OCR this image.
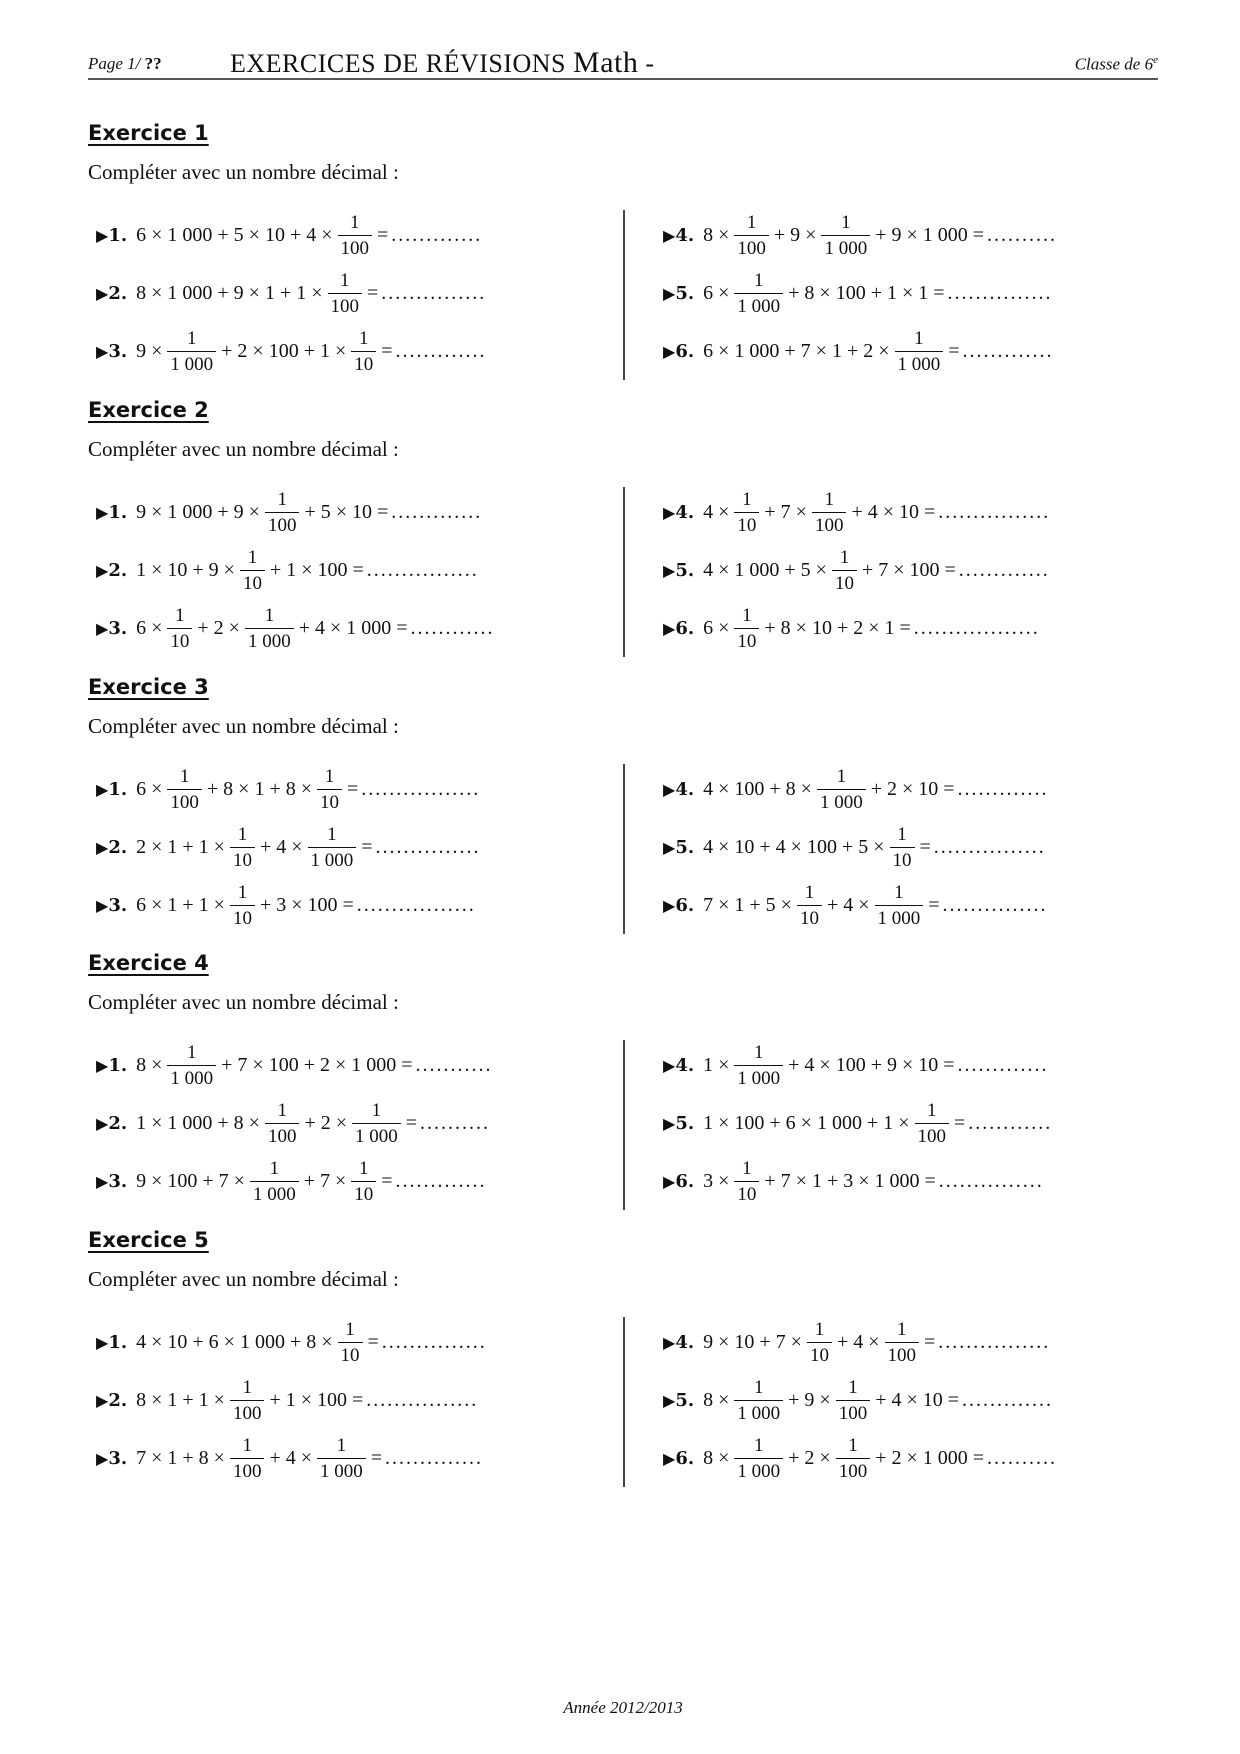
Page 1/ ??	EXERCICES DE RÉVISIONS Math -	Classe de 6e
Exercice 1
Compléter avec un nombre décimal :
▶1. 6 × 1 $000 + 5 \times 10 + 4 \times \frac{1}{100}$ = .............
▶2. 8 × 1 $000 + 9 \times 1 + 1 \times \frac{1}{100}$ = ...............
▶3. $9 \times \frac{1}{1 000} + 2 \times 100 + 1 \times \frac{1}{10}$ = .............
▶4. $8 \times \frac{1}{100} + 9 \times \frac{1}{1 000} + 9 \times 1$ 000 = ..........
▶5. $6 \times \frac{1}{1 000} + 8 \times 100 + 1 \times 1$ = ...............
▶6. 6 × 1 $000 + 7 \times 1 + 2 \times \frac{1}{1 000}$ = .............
Exercice 2
Compléter avec un nombre décimal :
▶1. 9 × 1 $000 + 9 \times \frac{1}{100} + 5 \times 10$ = .............
▶2. $1 \times 10 + 9 \times \frac{1}{10} + 1 \times 100$ = ................
▶3. $6 \times \frac{1}{10} + 2 \times \frac{1}{1 000} + 4 \times 1$ 000 = ............
▶4. $4 \times \frac{1}{10} + 7 \times \frac{1}{100} + 4 \times 10$ = ................
▶5. 4 × 1 $000 + 5 \times \frac{1}{10} + 7 \times 100$ = .............
▶6. $6 \times \frac{1}{10} + 8 \times 10 + 2 \times 1$ = ..................
Exercice 3
Compléter avec un nombre décimal :
▶1. $6 \times \frac{1}{100} + 8 \times 1 + 8 \times \frac{1}{10}$ = .................
▶2. $2 \times 1 + 1 \times \frac{1}{10} + 4 \times \frac{1}{1 000}$ = ...............
▶3. $6 \times 1 + 1 \times \frac{1}{10} + 3 \times 100$ = .................
▶4. $4 \times 100 + 8 \times \frac{1}{1 000} + 2 \times 10$ = .............
▶5. $4 \times 10 + 4 \times 100 + 5 \times \frac{1}{10}$ = ................
▶6. $7 \times 1 + 5 \times \frac{1}{10} + 4 \times \frac{1}{1 000}$ = ...............
Exercice 4
Compléter avec un nombre décimal :
▶1. $8 \times \frac{1}{1 000} + 7 \times 100 + 2 \times 1$ 000 = ...........
▶2. 1 × 1 $000 + 8 \times \frac{1}{100} + 2 \times \frac{1}{1 000}$ = ..........
▶3. $9 \times 100 + 7 \times \frac{1}{1 000} + 7 \times \frac{1}{10}$ = .............
▶4. $1 \times \frac{1}{1 000} + 4 \times 100 + 9 \times 10$ = .............
▶5. 1 × 100 + 6 × 1 $000 + 1 \times \frac{1}{100}$ = ............
▶6. $3 \times \frac{1}{10} + 7 \times 1 + 3 \times 1$ 000 = ...............
Exercice 5
Compléter avec un nombre décimal :
▶1. 4 × 10 + 6 × 1 $000 + 8 \times \frac{1}{10}$ = ...............
▶2. $8 \times 1 + 1 \times \frac{1}{100} + 1 \times 100$ = ................
▶3. $7 \times 1 + 8 \times \frac{1}{100} + 4 \times \frac{1}{1 000}$ = ..............
▶4. $9 \times 10 + 7 \times \frac{1}{10} + 4 \times \frac{1}{100}$ = ................
▶5. $8 \times \frac{1}{1 000} + 9 \times \frac{1}{100} + 4 \times 10$ = .............
▶6. $8 \times \frac{1}{1 000} + 2 \times \frac{1}{100} + 2 \times 1$ 000 = ..........
Année 2012/2013
